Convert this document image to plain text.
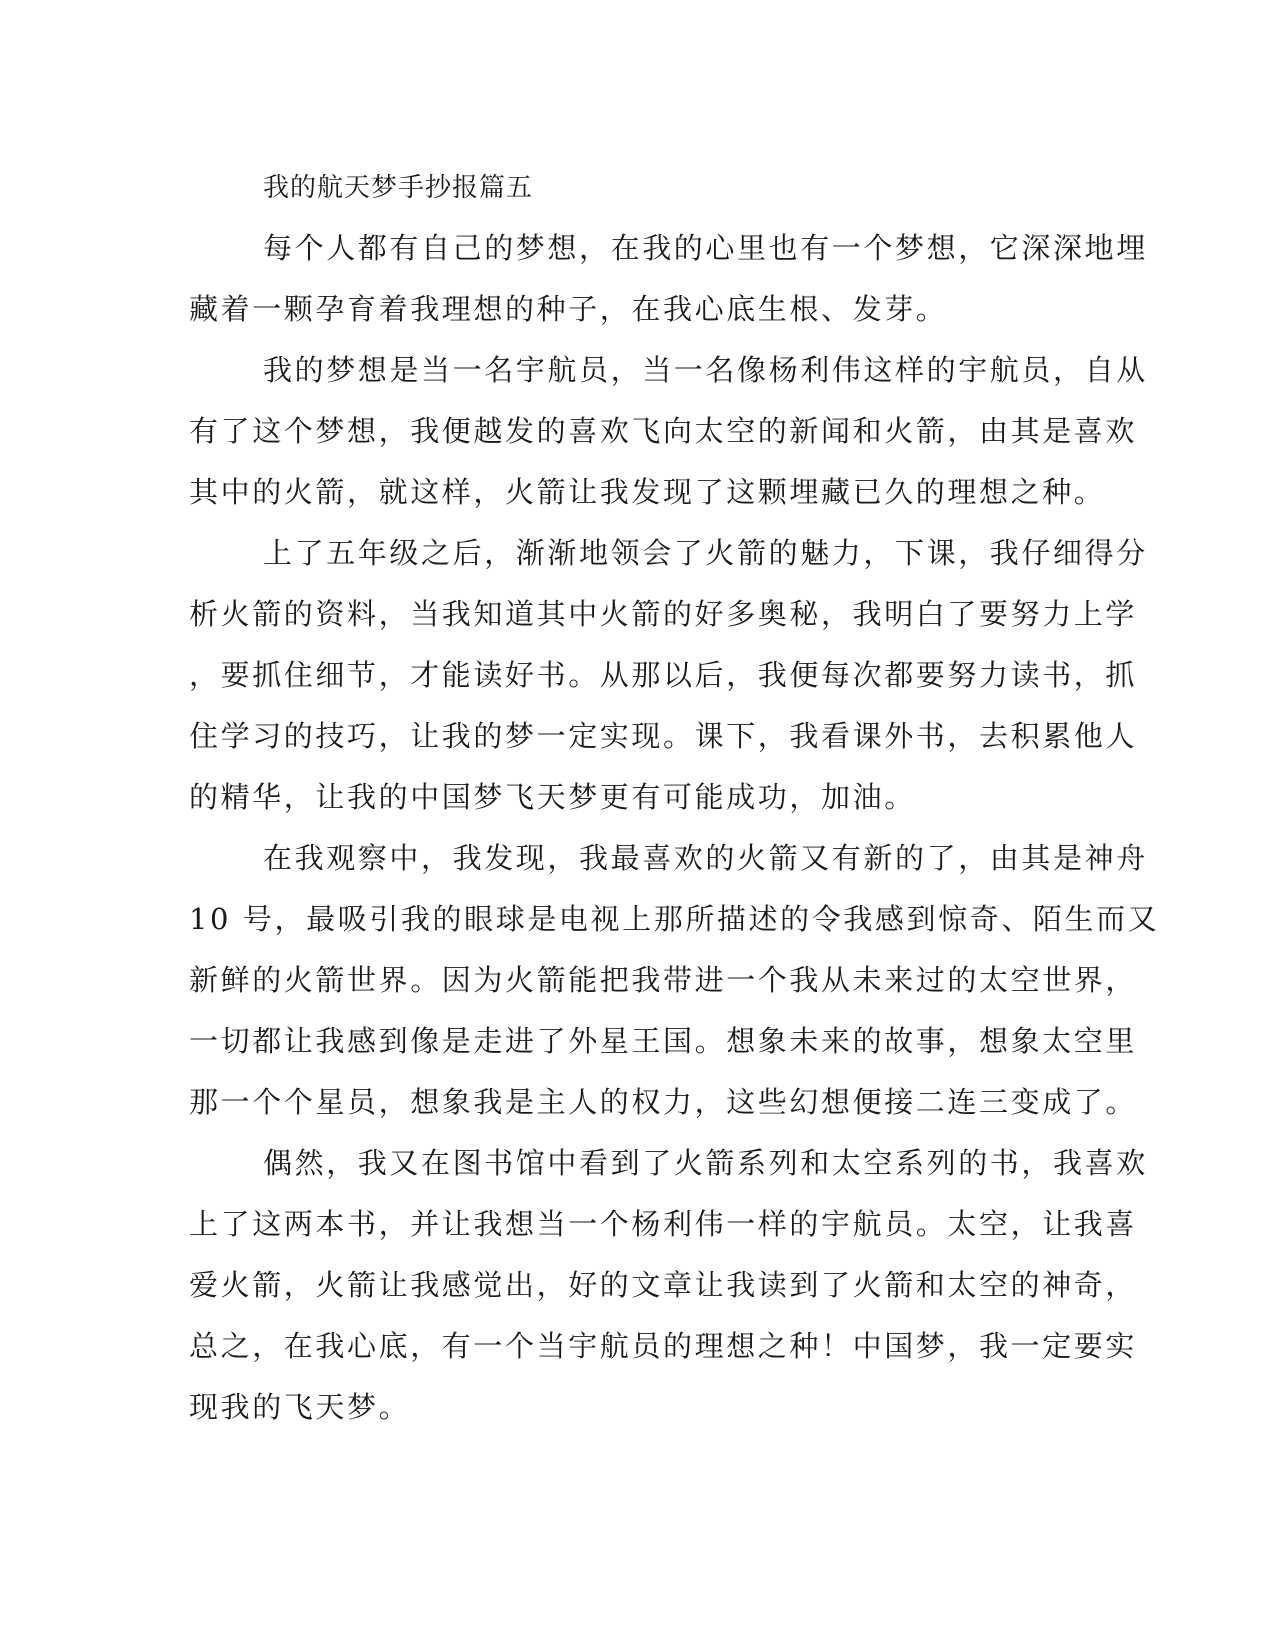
我的航天梦手抄报篇五
每个人都有自己的梦想，在我的心里也有一个梦想，它深深地埋
藏着一颗孕育着我理想的种子，在我心底生根、发芽。
我的梦想是当一名宇航员，当一名像杨利伟这样的宇航员，自从
有了这个梦想，我便越发的喜欢飞向太空的新闻和火箭，由其是喜欢
其中的火箭，就这样，火箭让我发现了这颗埋藏已久的理想之种。
上了五年级之后，渐渐地领会了火箭的魅力，下课，我仔细得分
析火箭的资料，当我知道其中火箭的好多奥秘，我明白了要努力上学
，要抓住细节，才能读好书。从那以后，我便每次都要努力读书，抓
住学习的技巧，让我的梦一定实现。课下，我看课外书，去积累他人
的精华，让我的中国梦飞天梦更有可能成功，加油。
在我观察中，我发现，我最喜欢的火箭又有新的了，由其是神舟
10 号，最吸引我的眼球是电视上那所描述的令我感到惊奇、陌生而又
新鲜的火箭世界。因为火箭能把我带进一个我从未来过的太空世界，
一切都让我感到像是走进了外星王国。想象未来的故事，想象太空里
那一个个星员，想象我是主人的权力，这些幻想便接二连三变成了。
偶然，我又在图书馆中看到了火箭系列和太空系列的书，我喜欢
上了这两本书，并让我想当一个杨利伟一样的宇航员。太空，让我喜
爱火箭，火箭让我感觉出，好的文章让我读到了火箭和太空的神奇，
总之，在我心底，有一个当宇航员的理想之种！中国梦，我一定要实
现我的飞天梦。
